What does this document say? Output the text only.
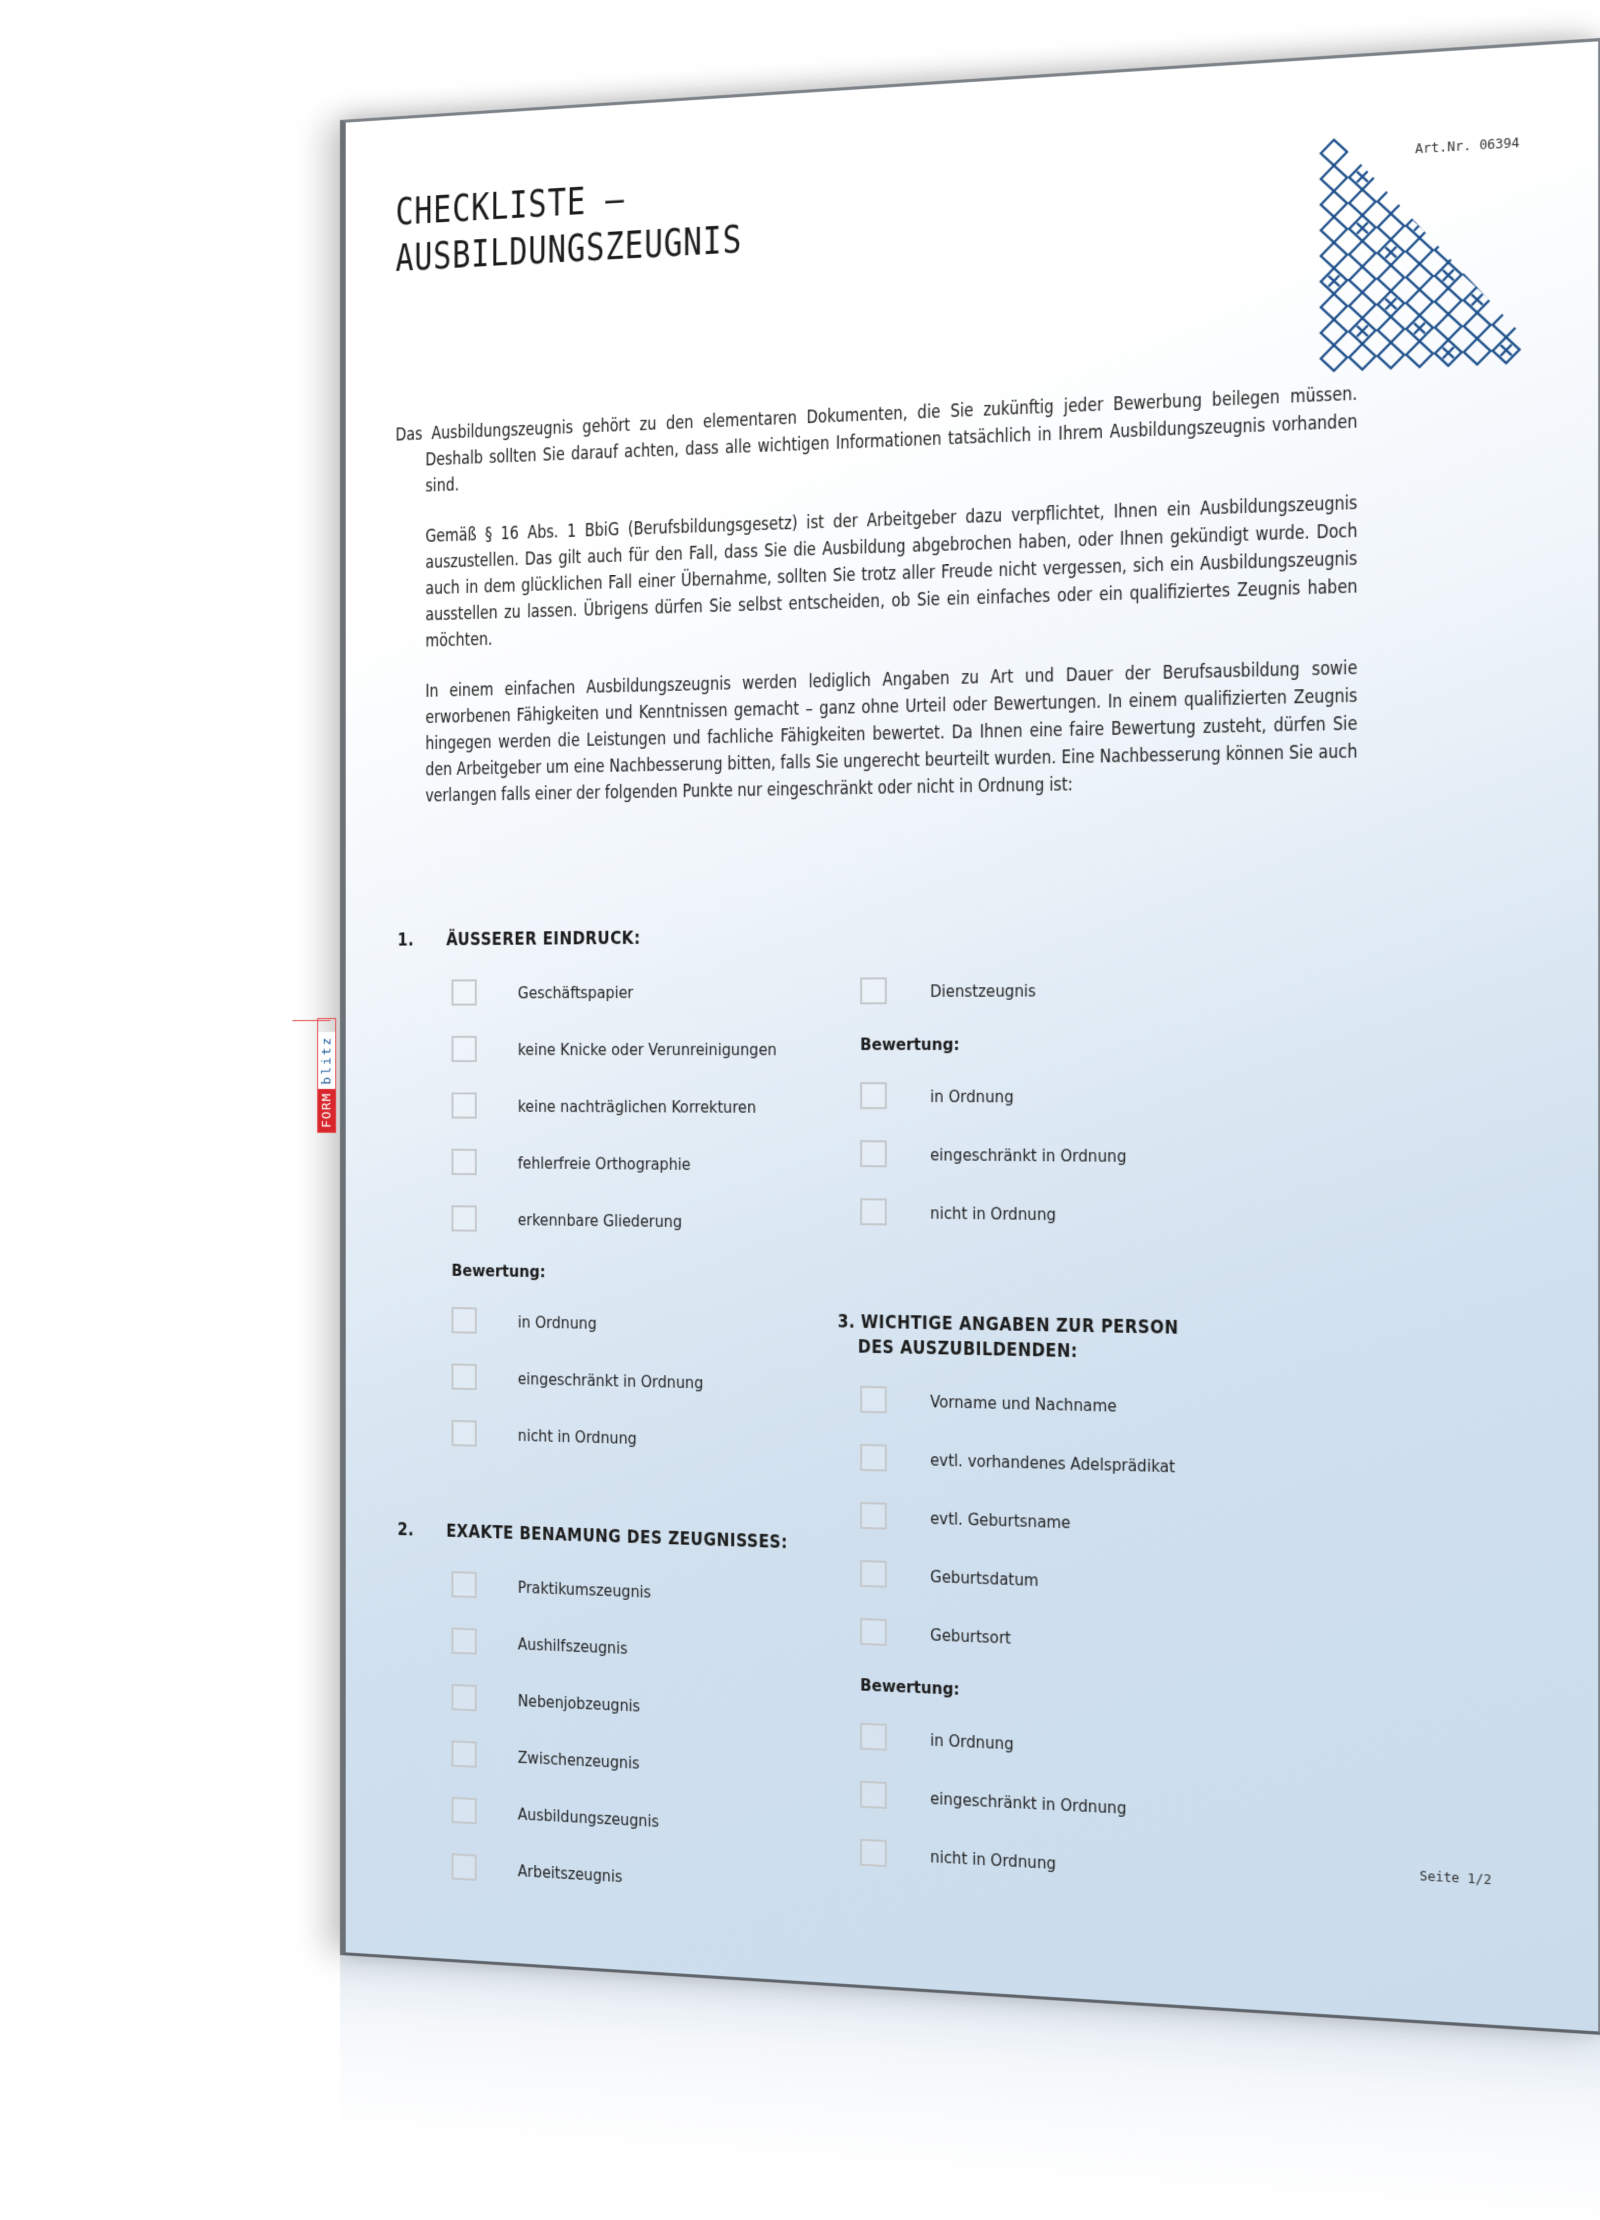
FORM
blitz
CHECKLISTE –
AUSBILDUNGSZEUGNIS
Art.Nr. 06394

Das Ausbildungszeugnis gehört zu den elementaren Dokumenten, die Sie zukünftig jeder Bewerbung beilegen müssen. Deshalb sollten Sie darauf achten, dass alle wichtigen Informationen tatsächlich in Ihrem Ausbildungszeugnis vorhanden sind.

Gemäß § 16 Abs. 1 BbiG (Berufsbildungsgesetz) ist der Arbeitgeber dazu verpflichtet, Ihnen ein Ausbildungszeugnis auszustellen. Das gilt auch für den Fall, dass Sie die Ausbildung abgebrochen haben, oder Ihnen gekündigt wurde. Doch auch in dem glücklichen Fall einer Übernahme, sollten Sie trotz aller Freude nicht vergessen, sich ein Ausbildungszeugnis ausstellen zu lassen. Übrigens dürfen Sie selbst entscheiden, ob Sie ein einfaches oder ein qualifiziertes Zeugnis haben möchten.

In einem einfachen Ausbildungszeugnis werden lediglich Angaben zu Art und Dauer der Berufsausbildung sowie erworbenen Fähigkeiten und Kenntnissen gemacht – ganz ohne Urteil oder Bewertungen. In einem qualifizierten Zeugnis hingegen werden die Leistungen und fachliche Fähigkeiten bewertet. Da Ihnen eine faire Bewertung zusteht, dürfen Sie den Arbeitgeber um eine Nachbesserung bitten, falls Sie ungerecht beurteilt wurden. Eine Nachbesserung können Sie auch verlangen falls einer der folgenden Punkte nur eingeschränkt oder nicht in Ordnung ist:

1.	ÄUSSERER EINDRUCK:
Geschäftspapier
keine Knicke oder Verunreinigungen
keine nachträglichen Korrekturen
fehlerfreie Orthographie
erkennbare Gliederung
Bewertung:
in Ordnung
eingeschränkt in Ordnung
nicht in Ordnung
2.	EXAKTE BENAMUNG DES ZEUGNISSES:
Praktikumszeugnis
Aushilfszeugnis
Nebenjobzeugnis
Zwischenzeugnis
Ausbildungszeugnis
Arbeitszeugnis
Dienstzeugnis
Bewertung:
in Ordnung
eingeschränkt in Ordnung
nicht in Ordnung
3. WICHTIGE ANGABEN ZUR PERSON
DES AUSZUBILDENDEN:
Vorname und Nachname
evtl. vorhandenes Adelsprädikat
evtl. Geburtsname
Geburtsdatum
Geburtsort
Bewertung:
in Ordnung
eingeschränkt in Ordnung
nicht in Ordnung
Seite 1/2
